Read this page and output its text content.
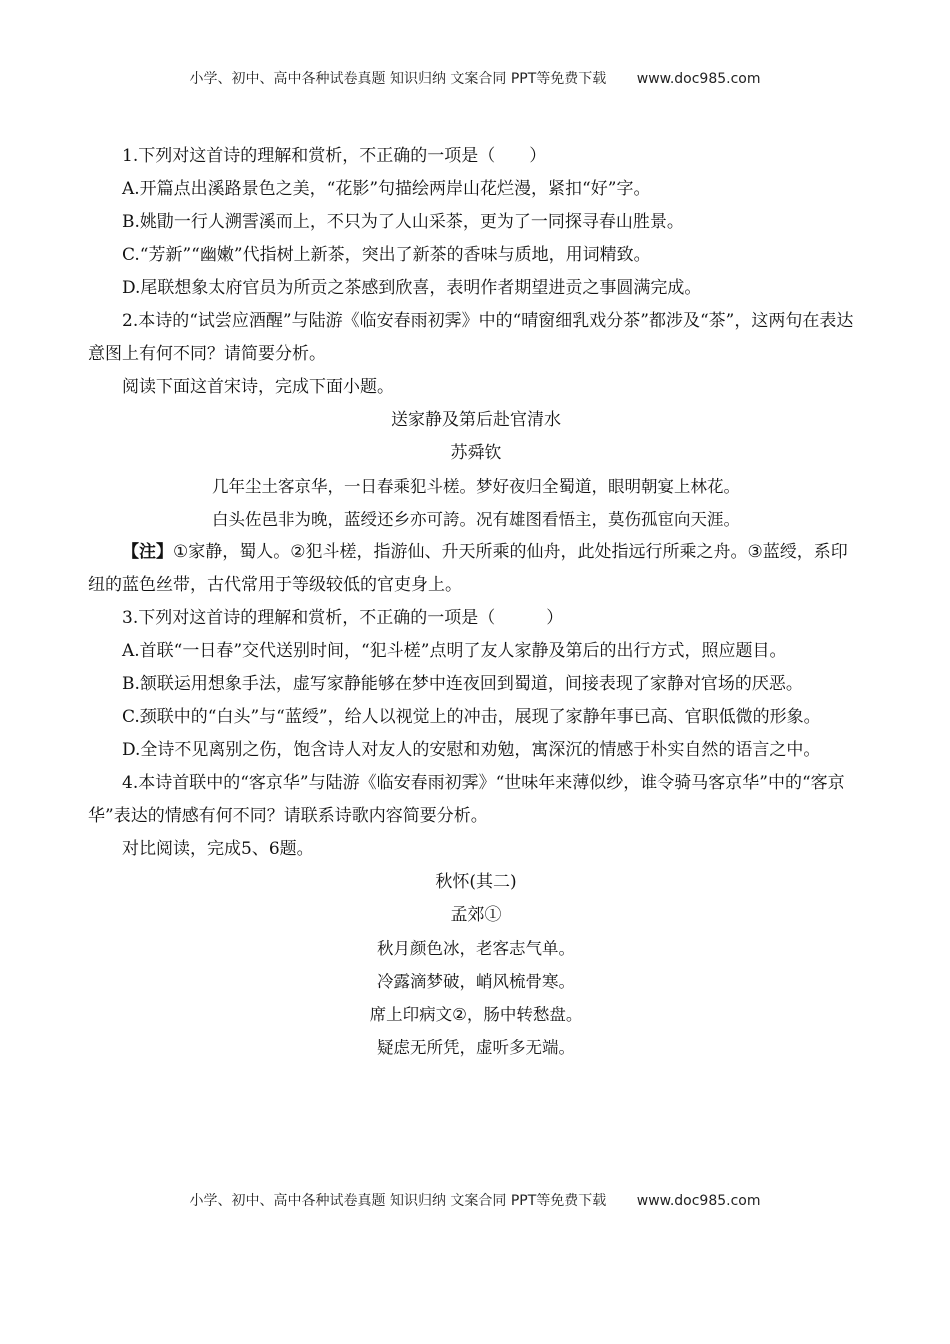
小学、初中、高中各种试卷真题 知识归纳 文案合同 PPT等免费下载 www.doc985.com

1.下列对这首诗的理解和赏析，不正确的一项是（　　）

A.开篇点出溪路景色之美，“花影”句描绘两岸山花烂漫，紧扣“好”字。

B.姚勖一行人溯霅溪而上，不只为了人山采茶，更为了一同探寻春山胜景。

C.“芳新”“幽嫩”代指树上新茶，突出了新茶的香味与质地，用词精致。

D.尾联想象太府官员为所贡之茶感到欣喜，表明作者期望进贡之事圆满完成。

2.本诗的“试尝应酒醒”与陆游《临安春雨初霁》中的“晴窗细乳戏分茶”都涉及“茶”，这两句在表达意图上有何不同？请简要分析。

阅读下面这首宋诗，完成下面小题。

送家静及第后赴官清水

苏舜钦

几年尘土客京华，一日春乘犯斗槎。梦好夜归全蜀道，眼明朝宴上林花。

白头佐邑非为晚，蓝绶还乡亦可誇。况有雄图看悟主，莫伤孤宦向天涯。

【注】①家静，蜀人。②犯斗槎，指游仙、升天所乘的仙舟，此处指远行所乘之舟。③蓝绶，系印纽的蓝色丝带，古代常用于等级较低的官吏身上。

3.下列对这首诗的理解和赏析，不正确的一项是（　　　）

A.首联“一日春”交代送别时间，“犯斗槎”点明了友人家静及第后的出行方式，照应题目。

B.颔联运用想象手法，虚写家静能够在梦中连夜回到蜀道，间接表现了家静对官场的厌恶。

C.颈联中的“白头”与“蓝绶”，给人以视觉上的冲击，展现了家静年事已高、官职低微的形象。

D.全诗不见离别之伤，饱含诗人对友人的安慰和劝勉，寓深沉的情感于朴实自然的语言之中。

4.本诗首联中的“客京华”与陆游《临安春雨初霁》“世味年来薄似纱，谁令骑马客京华”中的“客京华”表达的情感有何不同？请联系诗歌内容简要分析。

对比阅读，完成5、6题。

秋怀(其二)

孟郊①

秋月颜色冰，老客志气单。

冷露滴梦破，峭风梳骨寒。

席上印病文②，肠中转愁盘。

疑虑无所凭，虚听多无端。

小学、初中、高中各种试卷真题 知识归纳 文案合同 PPT等免费下载 www.doc985.com
